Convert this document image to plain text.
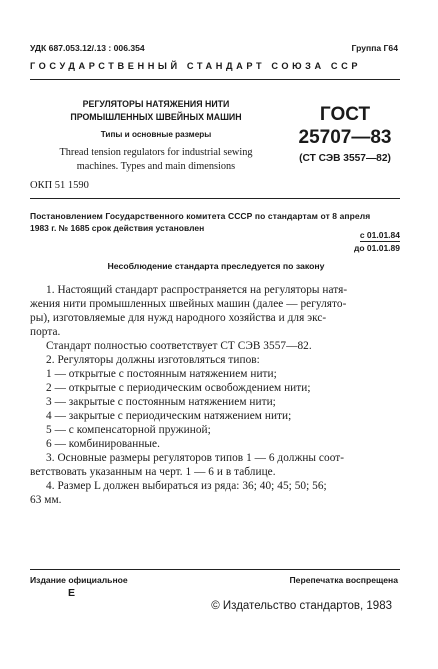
УДК 687.053.12/.13 : 006.354	Группа Г64
ГОСУДАРСТВЕННЫЙ СТАНДАРТ СОЮЗА ССР
РЕГУЛЯТОРЫ НАТЯЖЕНИЯ НИТИ
ПРОМЫШЛЕННЫХ ШВЕЙНЫХ МАШИН
Типы и основные размеры
Thread tension regulators for industrial sewing
machines. Types and main dimensions
ГОСТ
25707—83
(СТ СЭВ 3557—82)
ОКП 51 1590
Постановлением Государственного комитета СССР по стандартам от 8 апреля
1983 г. № 1685 срок действия установлен
с 01.01.84
до 01.01.89
Несоблюдение стандарта преследуется по закону
1. Настоящий стандарт распространяется на регуляторы натя-
жения нити промышленных швейных машин (далее — регулято-
ры), изготовляемые для нужд народного хозяйства и для экс-
порта.
Стандарт полностью соответствует СТ СЭВ 3557—82.
2. Регуляторы должны изготовляться типов:
1 — открытые с постоянным натяжением нити;
2 — открытые с периодическим освобождением нити;
3 — закрытые с постоянным натяжением нити;
4 — закрытые с периодическим натяжением нити;
5 — с компенсаторной пружиной;
6 — комбинированные.
3. Основные размеры регуляторов типов 1 — 6 должны соот-
ветствовать указанным на черт. 1 — 6 и в таблице.
4. Размер L должен выбираться из ряда: 36; 40; 45; 50; 56;
63 мм.
Издание официальное	Перепечатка воспрещена
Е
© Издательство стандартов, 1983
